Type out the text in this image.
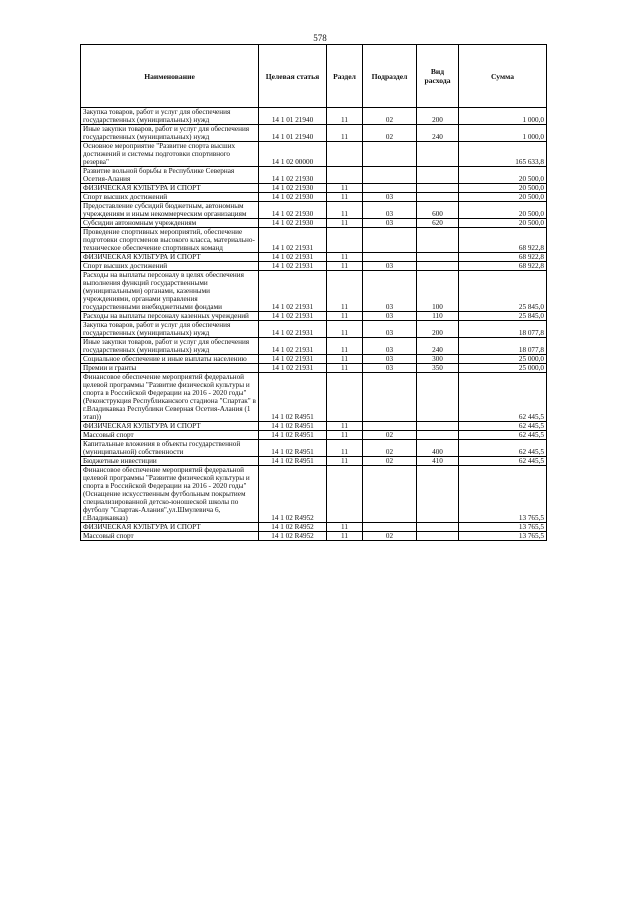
578
Наименование	Целевая статья	Раздел	Подраздел	Вид расхода	Сумма
Закупка товаров, работ и услуг для обеспечения государственных (муниципальных) нужд	14 1 01 21940	11	02	200	1 000,0
Иные закупки товаров, работ и услуг для обеспечения государственных (муниципальных) нужд	14 1 01 21940	11	02	240	1 000,0
Основное мероприятие "Развитие спорта высших достижений и системы подготовки спортивного резерва"	14 1 02 00000				165 633,8
Развитие вольной борьбы в Республике Северная Осетия-Алания	14 1 02 21930				20 500,0
ФИЗИЧЕСКАЯ КУЛЬТУРА И СПОРТ	14 1 02 21930	11			20 500,0
Спорт высших достижений	14 1 02 21930	11	03		20 500,0
Предоставление субсидий бюджетным, автономным учреждениям и иным некоммерческим организациям	14 1 02 21930	11	03	600	20 500,0
Субсидии автономным учреждениям	14 1 02 21930	11	03	620	20 500,0
Проведение спортивных мероприятий, обеспечение подготовки спортсменов высокого класса, материально-техническое обеспечение спортивных команд	14 1 02 21931				68 922,8
ФИЗИЧЕСКАЯ КУЛЬТУРА И СПОРТ	14 1 02 21931	11			68 922,8
Спорт высших достижений	14 1 02 21931	11	03		68 922,8
Расходы на выплаты персоналу в целях обеспечения выполнения функций государственными (муниципальными) органами, казенными учреждениями, органами управления государственными внебюджетными фондами	14 1 02 21931	11	03	100	25 845,0
Расходы на выплаты персоналу казенных учреждений	14 1 02 21931	11	03	110	25 845,0
Закупка товаров, работ и услуг для обеспечения государственных (муниципальных) нужд	14 1 02 21931	11	03	200	18 077,8
Иные закупки товаров, работ и услуг для обеспечения государственных (муниципальных) нужд	14 1 02 21931	11	03	240	18 077,8
Социальное обеспечение и иные выплаты населению	14 1 02 21931	11	03	300	25 000,0
Премии и гранты	14 1 02 21931	11	03	350	25 000,0
Финансовое обеспечение мероприятий федеральной целевой программы "Развитие физической культуры и спорта в Российской Федерации на 2016 - 2020 годы" (Реконструкция Республиканского стадиона "Спартак" в г.Владикавказ Республики Северная Осетия-Алания (1 этап))	14 1 02 R4951				62 445,5
ФИЗИЧЕСКАЯ КУЛЬТУРА И СПОРТ	14 1 02 R4951	11			62 445,5
Массовый спорт	14 1 02 R4951	11	02		62 445,5
Капитальные вложения в объекты государственной (муниципальной) собственности	14 1 02 R4951	11	02	400	62 445,5
Бюджетные инвестиции	14 1 02 R4951	11	02	410	62 445,5
Финансовое обеспечение мероприятий федеральной целевой программы "Развитие физической культуры и спорта в Российской Федерации на 2016 - 2020 годы" (Оснащение искусственным футбольным покрытием специализированной детско-юношеской школы по футболу "Спартак-Алания",ул.Шмулевича 6, г.Владикавказ)	14 1 02 R4952				13 765,5
ФИЗИЧЕСКАЯ КУЛЬТУРА И СПОРТ	14 1 02 R4952	11			13 765,5
Массовый спорт	14 1 02 R4952	11	02		13 765,5
